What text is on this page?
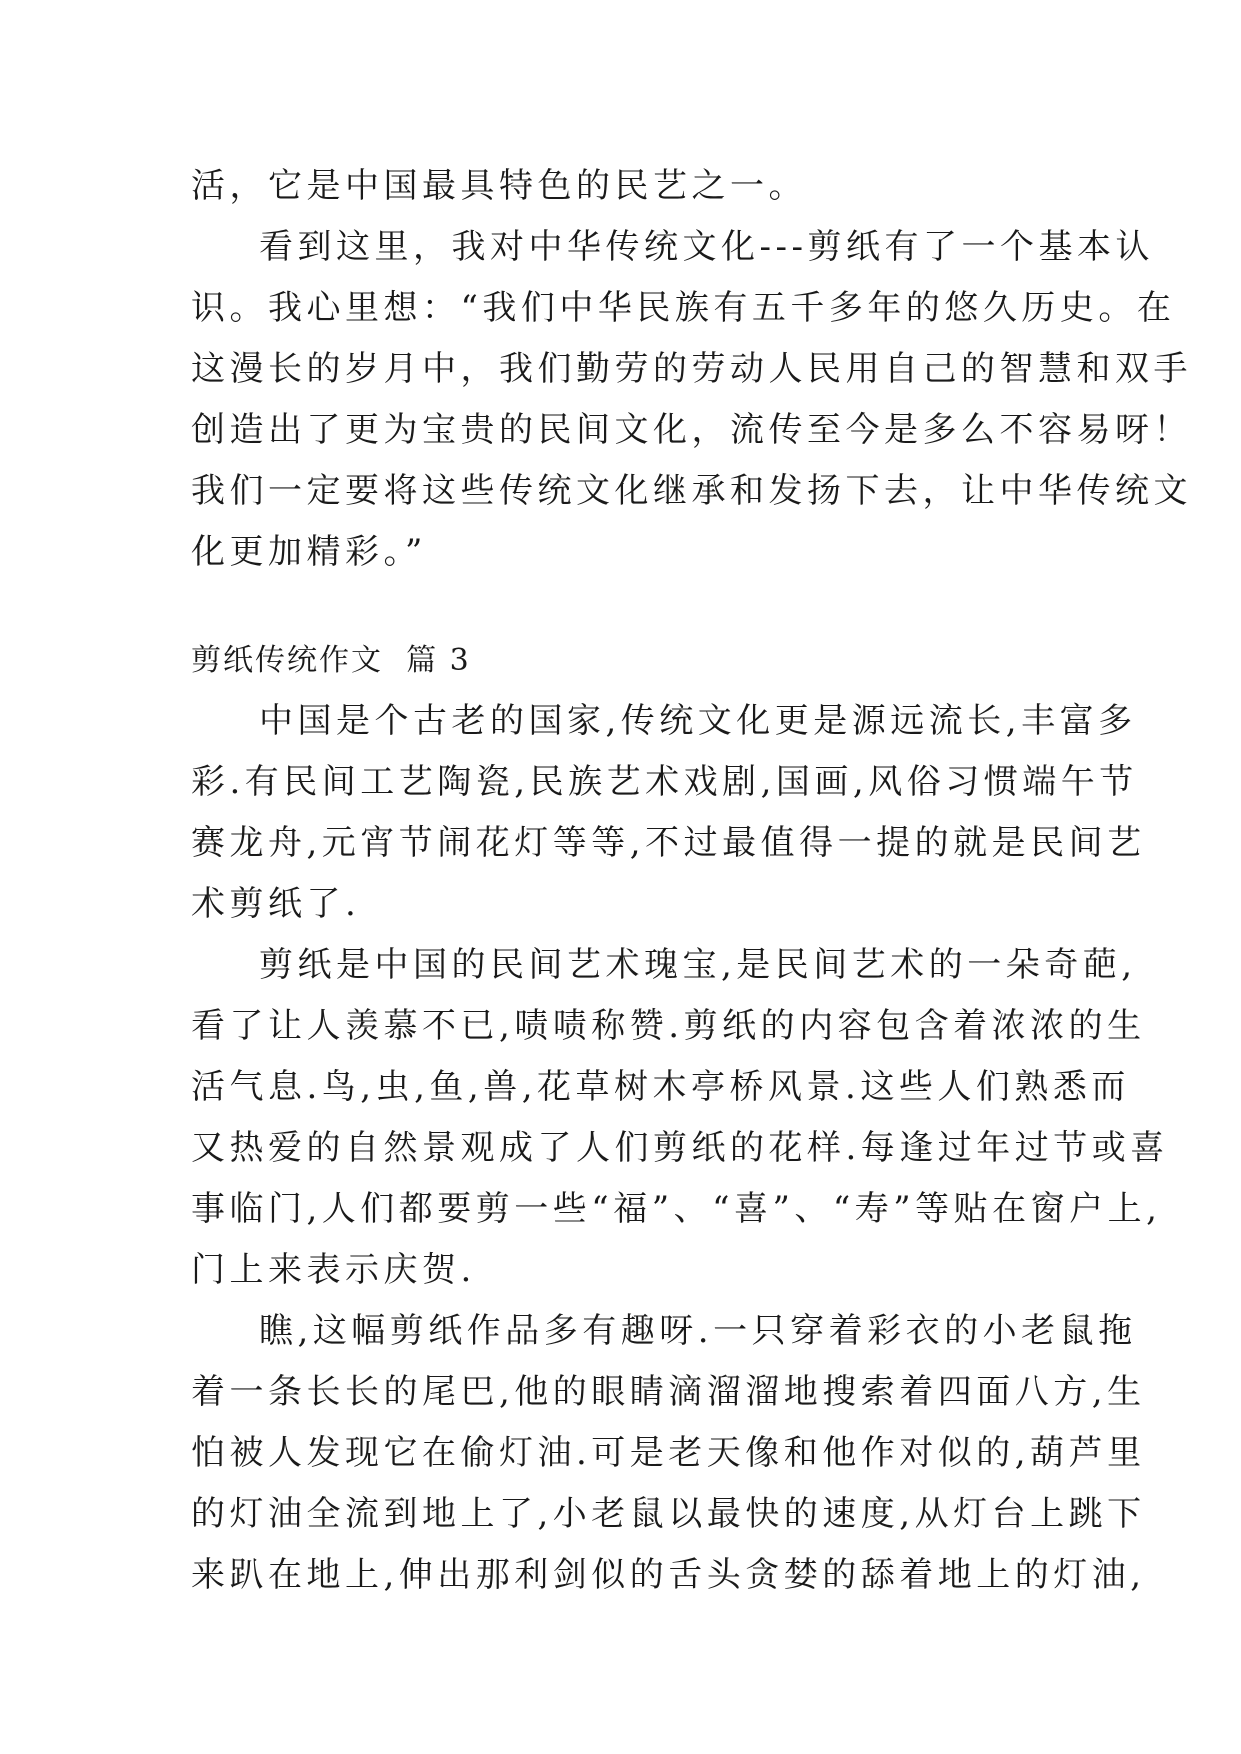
活，它是中国最具特色的民艺之一。

看到这里，我对中华传统文化---剪纸有了一个基本认

识。我心里想：“我们中华民族有五千多年的悠久历史。在

这漫长的岁月中，我们勤劳的劳动人民用自己的智慧和双手

创造出了更为宝贵的民间文化，流传至今是多么不容易呀！

我们一定要将这些传统文化继承和发扬下去，让中华传统文

化更加精彩。”

剪纸传统作文  篇 3

中国是个古老的国家,传统文化更是源远流长,丰富多

彩.有民间工艺陶瓷,民族艺术戏剧,国画,风俗习惯端午节

赛龙舟,元宵节闹花灯等等,不过最值得一提的就是民间艺

术剪纸了.

剪纸是中国的民间艺术瑰宝,是民间艺术的一朵奇葩,

看了让人羡慕不已,啧啧称赞.剪纸的内容包含着浓浓的生

活气息.鸟,虫,鱼,兽,花草树木亭桥风景.这些人们熟悉而

又热爱的自然景观成了人们剪纸的花样.每逢过年过节或喜

事临门,人们都要剪一些“福”、“喜”、“寿”等贴在窗户上,

门上来表示庆贺.

瞧,这幅剪纸作品多有趣呀.一只穿着彩衣的小老鼠拖

着一条长长的尾巴,他的眼睛滴溜溜地搜索着四面八方,生

怕被人发现它在偷灯油.可是老天像和他作对似的,葫芦里

的灯油全流到地上了,小老鼠以最快的速度,从灯台上跳下

来趴在地上,伸出那利剑似的舌头贪婪的舔着地上的灯油,
